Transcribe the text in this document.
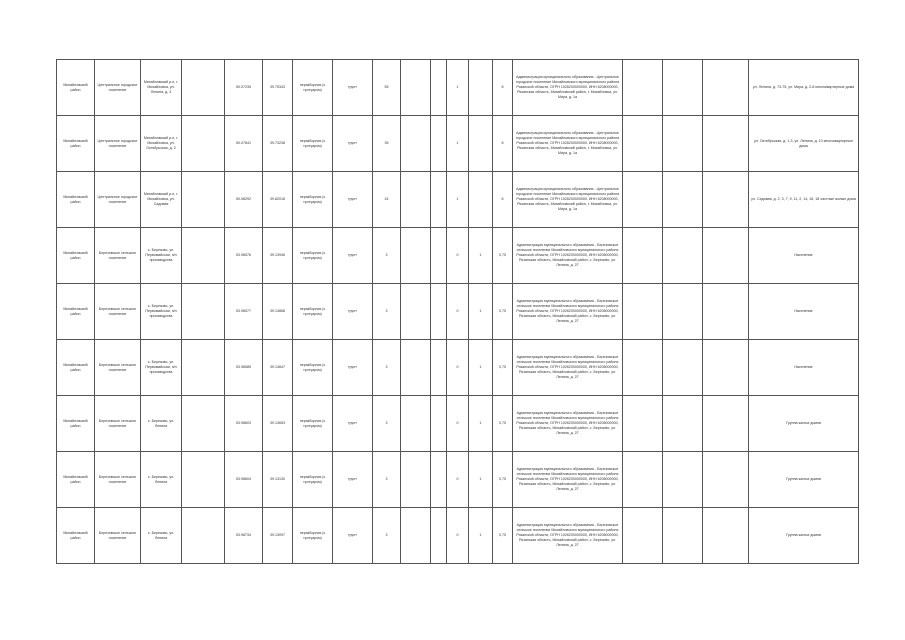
Михайловский район	Центральное городское поселение	Михайловский р-н, г. Михайловка, ул. Ленина, д. 3		50.07235	39.75343	неразборная (с тротуаром)	грунт	55			1		8	Администрация муниципального образования - Центральное городское поселение Михайловского муниципального района Рязанской области, ОГРН 1026200000000, ИНН 6208000000, Рязанская область, Михайловский район, г. Михайловка, ул. Мира, д. 1а				ул. Ленина, д. 73-75, ул. Мира, д. 2-8 многоквартирные дома
Михайловский район	Центральное городское поселение	Михайловский р-н, г. Михайловка, ул. Октябрьская, д. 2		50.07841	39.73238	неразборная (с тротуаром)	грунт	35			1		8	Администрация муниципального образования - Центральное городское поселение Михайловского муниципального района Рязанской области, ОГРН 1026200000000, ИНН 6208000000, Рязанская область, Михайловский район, г. Михайловка, ул. Мира, д. 1а				ул. Октябрьская, д. 1-3, ул. Ленина, д. 10 многоквартирные дома
Михайловский район	Центральное городское поселение	Михайловский р-н, г. Михайловка, ул. Садовая		50.08292	39.82018	неразборная (с тротуаром)	грунт	24			1		6	Администрация муниципального образования - Центральное городское поселение Михайловского муниципального района Рязанской области, ОГРН 1026200000000, ИНН 6208000000, Рязанская область, Михайловский район, г. Михайловка, ул. Мира, д. 1а				ул. Садовая, д. 2, 3, 7, 9, 11, 2, 14, 16, 18 частные жилые дома
Михайловский район	Березовское сельское поселение	с. Березово, ул. Первомайская, н/п производства		53.98576	39.13946	неразборная (с тротуаром)	грунт	3			0	1	0,75	Администрация муниципального образования - Березовское сельское поселение Михайловского муниципального района Рязанской области, ОГРН 1026200000000, ИНН 6208000000, Рязанская область, Михайловский район, с. Березово, ул. Ленина, д. 27				Население
Михайловский район	Березовское сельское поселение	с. Березово, ул. Первомайская, н/п производства		53.98577	39.13868	неразборная (с тротуаром)	грунт	3			0	1	0,75	Администрация муниципального образования - Березовское сельское поселение Михайловского муниципального района Рязанской области, ОГРН 1026200000000, ИНН 6208000000, Рязанская область, Михайловский район, с. Березово, ул. Ленина, д. 27				Население
Михайловский район	Березовское сельское поселение	с. Березово, ул. Первомайская, н/п производства		53.98585	39.13847	неразборная (с тротуаром)	грунт	3			0	1	0,75	Администрация муниципального образования - Березовское сельское поселение Михайловского муниципального района Рязанской области, ОГРН 1026200000000, ИНН 6208000000, Рязанская область, Михайловский район, с. Березово, ул. Ленина, д. 27				Население
Михайловский район	Березовское сельское поселение	с. Березово, ул. Ленина		53.98603	39.13653	неразборная (с тротуаром)	грунт	3			0	1	0,75	Администрация муниципального образования - Березовское сельское поселение Михайловского муниципального района Рязанской области, ОГРН 1026200000000, ИНН 6208000000, Рязанская область, Михайловский район, с. Березово, ул. Ленина, д. 27				Группа жилых домов
Михайловский район	Березовское сельское поселение	с. Березово, ул. Ленина		53.98604	39.13130	неразборная (с тротуаром)	грунт	3			0	1	0,75	Администрация муниципального образования - Березовское сельское поселение Михайловского муниципального района Рязанской области, ОГРН 1026200000000, ИНН 6208000000, Рязанская область, Михайловский район, с. Березово, ул. Ленина, д. 27				Группа жилых домов
Михайловский район	Березовское сельское поселение	с. Березово, ул. Ленина		53.98734	39.13097	неразборная (с тротуаром)	грунт	3			0	1	0,75	Администрация муниципального образования - Березовское сельское поселение Михайловского муниципального района Рязанской области, ОГРН 1026200000000, ИНН 6208000000, Рязанская область, Михайловский район, с. Березово, ул. Ленина, д. 27				Группа жилых домов
